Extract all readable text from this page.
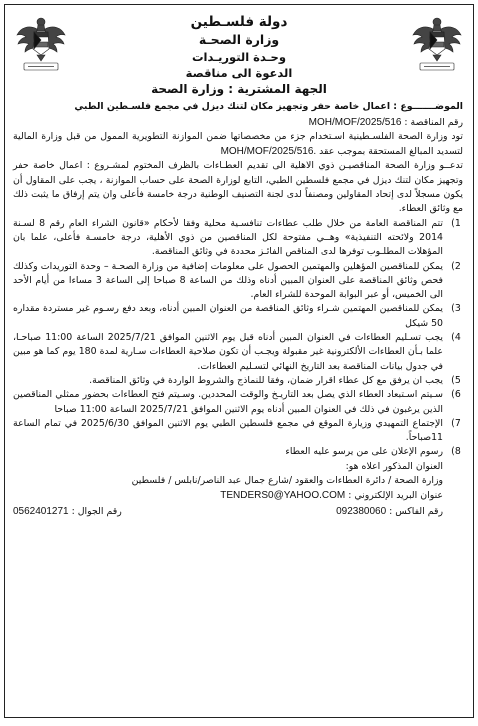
دولة فلسـطين
وزارة الصحـة
وحـدة التوريـدات
الدعوة الى مناقصة
الجهة المشترية : وزارة الصحة

الموضـــــــوع : اعمال خاصة حفر وتجهيز مكان لتنك ديزل في مجمع فلسـطين الطبي

رقم المناقصة : MOH/MOF/2025/516

تود وزارة الصحة الفلسـطينية اسـتخدام جزء من مخصصاتها ضمن الموازنة التطويرية الممول من قبل وزارة المالية لتسديد المبالغ المستحقة بموجب عقد MOH/MOF/2025/516.

تدعــو وزارة الصحة المناقصيـن ذوي الاهلية الى تقديم العطـاءات بالظرف المختوم لمشـروع : اعمال خاصة حفر وتجهيز مكان لتنك ديزل في مجمع فلسطين الطبي، التابع لوزارة الصحة على حساب الموازنة ، يجب على المقاول أن يكون مسجلاً لدى إتحاد المقاولين ومصنفاً لدى لجنة التصنيف الوطنية درجة خامسة فأعلى وان يتم إرفاق ما يثبت ذلك مع وثائق العطاء.

1)
تتم المناقصة العامة من خلال طلب عطاءات تنافسـية محلية وفقا لأحكام «قانون الشراء العام رقم 8 لسـنة 2014 ولائحته التنفيذية» وهــي مفتوحة لكل المناقصين من ذوي الأهلية، درجة خامسـة فأعلى، علما بان المؤهلات المطلـوب توفرها لدى المناقص الفائـز محددة في وثائق المناقصة.
2)
يمكن للمناقصين المؤهلين والمهتمين الحصول على معلومات إضافية من وزارة الصحـة – وحدة التوريدات وكذلك فحص وثائق المناقصة على العنوان المبين أدناه وذلك من الساعة 8 صباحا إلى الساعة 3 مساءا من أيام الأحد الى الخميس، أو عبر البوابة الموحدة للشراء العام.
3)
يمكن للمناقصين المهتمين شـراء وثائق المناقصة من العنوان المبين أدناه، وبعد دفع رسـوم غير مستردة مقداره 50 شيكل
4)
يجب تسـليم العطاءات في العنوان المبين أدناه قبل يوم الاثنين الموافق 2025/7/21 الساعة 11:00 صباحـا، علما بـأن العطاءات الألكترونية غير مقبولة ويجـب أن تكون صلاحية العطاءات سـارية لمدة 180 يوم كما هو مبين في جدول بيانات المناقصة بعد التاريخ النهائي لتسـليم العطاءات.
5)
يجب ان يرفق مع كل عطاء اقرار ضمان، وفقا للنماذج والشروط الواردة في وثائق المناقصة.
6)
سـيتم اسـتبعاد العطاء الذي يصل بعد التاريـخ والوقت المحددين. وسـيتم فتح العطاءات بحضور ممثلي المناقصين الذين يرغبون في ذلك في العنوان المبين أدناه يوم الاثنين الموافق 2025/7/21 الساعة 11:00 صباحا
7)
الإجتماع التمهيدي وزيارة الموقع في مجمع فلسطين الطبي يوم الاثنين الموافق 2025/6/30 في تمام الساعة 11صباحاً.
8)
رسوم الإعلان على من يرسو عليه العطاء
العنوان المذكور اعلاه هو:
وزارة الصحة / دائرة العطاءات والعقود /شارع جمال عبد الناصر/نابلس / فلسطين
عنوان البريد الإلكتروني : TENDERS0@YAHOO.COM
رقم الفاكس : 092380060
رقم الجوال : 0562401271
